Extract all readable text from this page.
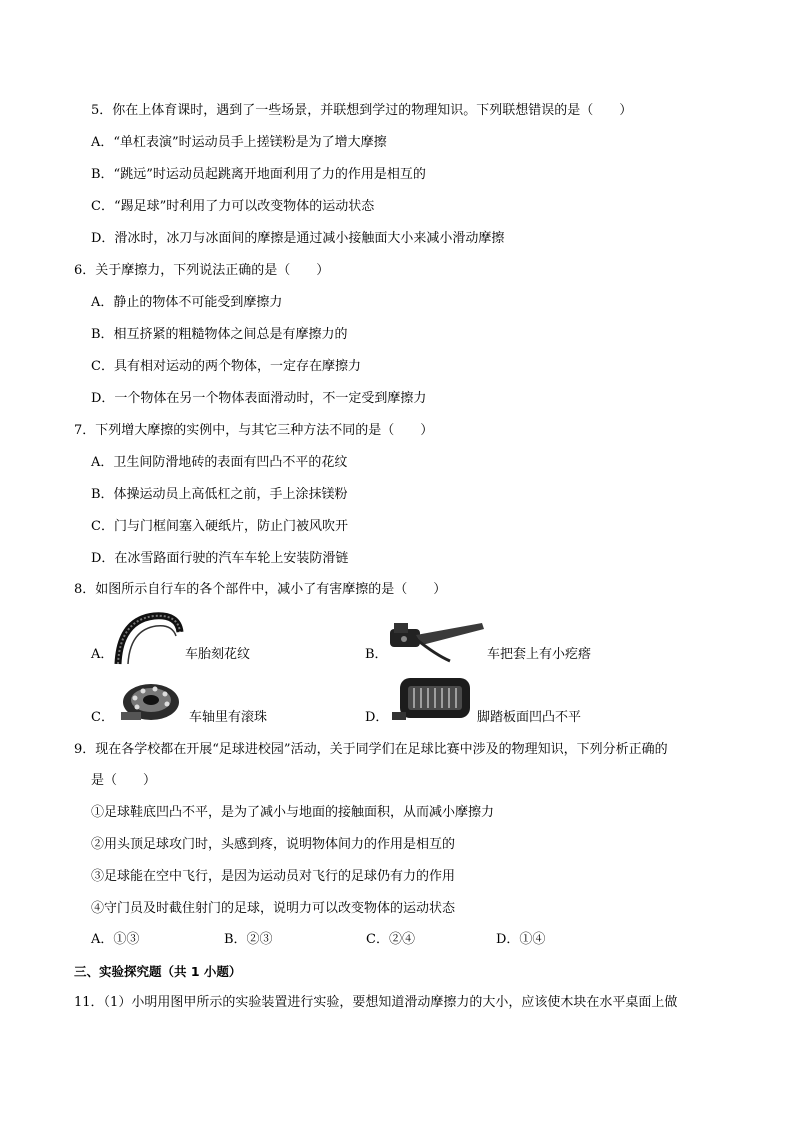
5．你在上体育课时，遇到了一些场景，并联想到学过的物理知识。下列联想错误的是（　　）
A．“单杠表演”时运动员手上搓镁粉是为了增大摩擦
B．“跳远”时运动员起跳离开地面利用了力的作用是相互的
C．“踢足球”时利用了力可以改变物体的运动状态
D．滑冰时，冰刀与冰面间的摩擦是通过减小接触面大小来减小滑动摩擦
6．关于摩擦力，下列说法正确的是（　　）
A．静止的物体不可能受到摩擦力
B．相互挤紧的粗糙物体之间总是有摩擦力的
C．具有相对运动的两个物体，一定存在摩擦力
D．一个物体在另一个物体表面滑动时，不一定受到摩擦力
7．下列增大摩擦的实例中，与其它三种方法不同的是（　　）
A．卫生间防滑地砖的表面有凹凸不平的花纹
B．体操运动员上高低杠之前，手上涂抹镁粉
C．门与门框间塞入硬纸片，防止门被风吹开
D．在冰雪路面行驶的汽车车轮上安装防滑链
8．如图所示自行车的各个部件中，减小了有害摩擦的是（　　）
A．	车胎刻花纹	B．	车把套上有小疙瘩
C．	车轴里有滚珠	D．	脚踏板面凹凸不平
9．现在各学校都在开展“足球进校园”活动，关于同学们在足球比赛中涉及的物理知识，下列分析正确的
是（　　）
①足球鞋底凹凸不平，是为了减小与地面的接触面积，从而减小摩擦力
②用头顶足球攻门时，头感到疼，说明物体间力的作用是相互的
③足球能在空中飞行，是因为运动员对飞行的足球仍有力的作用
④守门员及时截住射门的足球，说明力可以改变物体的运动状态
A．①③	B．②③	C．②④	D．①④
三、实验探究题（共 1 小题）
11．（1）小明用图甲所示的实验装置进行实验，要想知道滑动摩擦力的大小，应该使木块在水平桌面上做
